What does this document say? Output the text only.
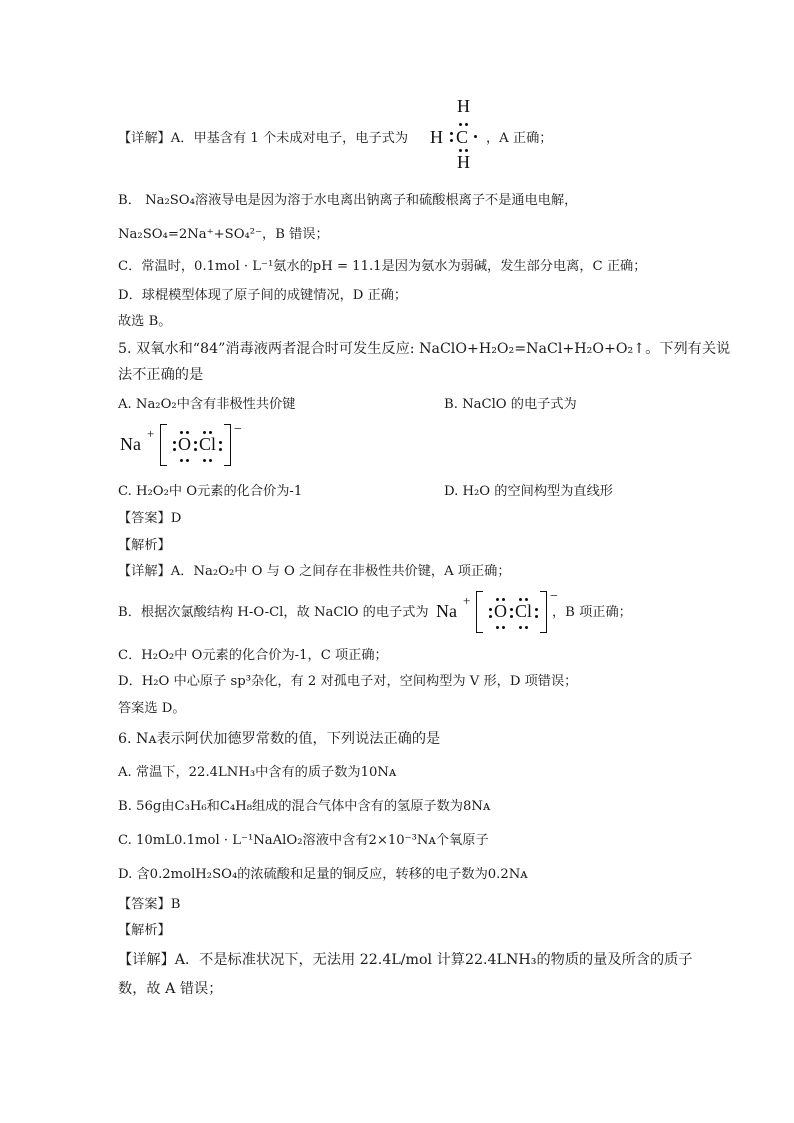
【详解】A．甲基含有 1 个未成对电子，电子式为
H
H C
H
，A 正确；
B． Na₂SO₄溶液导电是因为溶于水电离出钠离子和硫酸根离子不是通电电解，
Na₂SO₄=2Na⁺+SO₄²⁻，B 错误；
C．常温时，0.1mol · L⁻¹氨水的pH = 11.1是因为氨水为弱碱，发生部分电离，C 正确；
D．球棍模型体现了原子间的成键情况，D 正确；
故选 B。
5. 双氧水和“84”消毒液两者混合时可发生反应: NaClO+H₂O₂=NaCl+H₂O+O₂↑。下列有关说
法不正确的是
A. Na₂O₂中含有非极性共价键	B. NaClO 的电子式为
Na
+
O Cl
−
C. H₂O₂中 O元素的化合价为-1	D. H₂O 的空间构型为直线形
【答案】D
【解析】
【详解】A．Na₂O₂中 O 与 O 之间存在非极性共价键，A 项正确；
B．根据次氯酸结构 H-O-Cl，故 NaClO 的电子式为 Na
+
O Cl
−
，B 项正确；
C．H₂O₂中 O元素的化合价为-1，C 项正确；
D．H₂O 中心原子 sp³杂化，有 2 对孤电子对，空间构型为 V 形，D 项错误；
答案选 D。
6. Nᴀ表示阿伏加德罗常数的值，下列说法正确的是
A. 常温下，22.4LNH₃中含有的质子数为10Nᴀ
B. 56g由C₃H₆和C₄H₈组成的混合气体中含有的氢原子数为8Nᴀ
C. 10mL0.1mol · L⁻¹NaAlO₂溶液中含有2×10⁻³Nᴀ个氧原子
D. 含0.2molH₂SO₄的浓硫酸和足量的铜反应，转移的电子数为0.2Nᴀ
【答案】B
【解析】
【详解】A．不是标准状况下，无法用 22.4L/mol 计算22.4LNH₃的物质的量及所含的质子
数，故 A 错误；
